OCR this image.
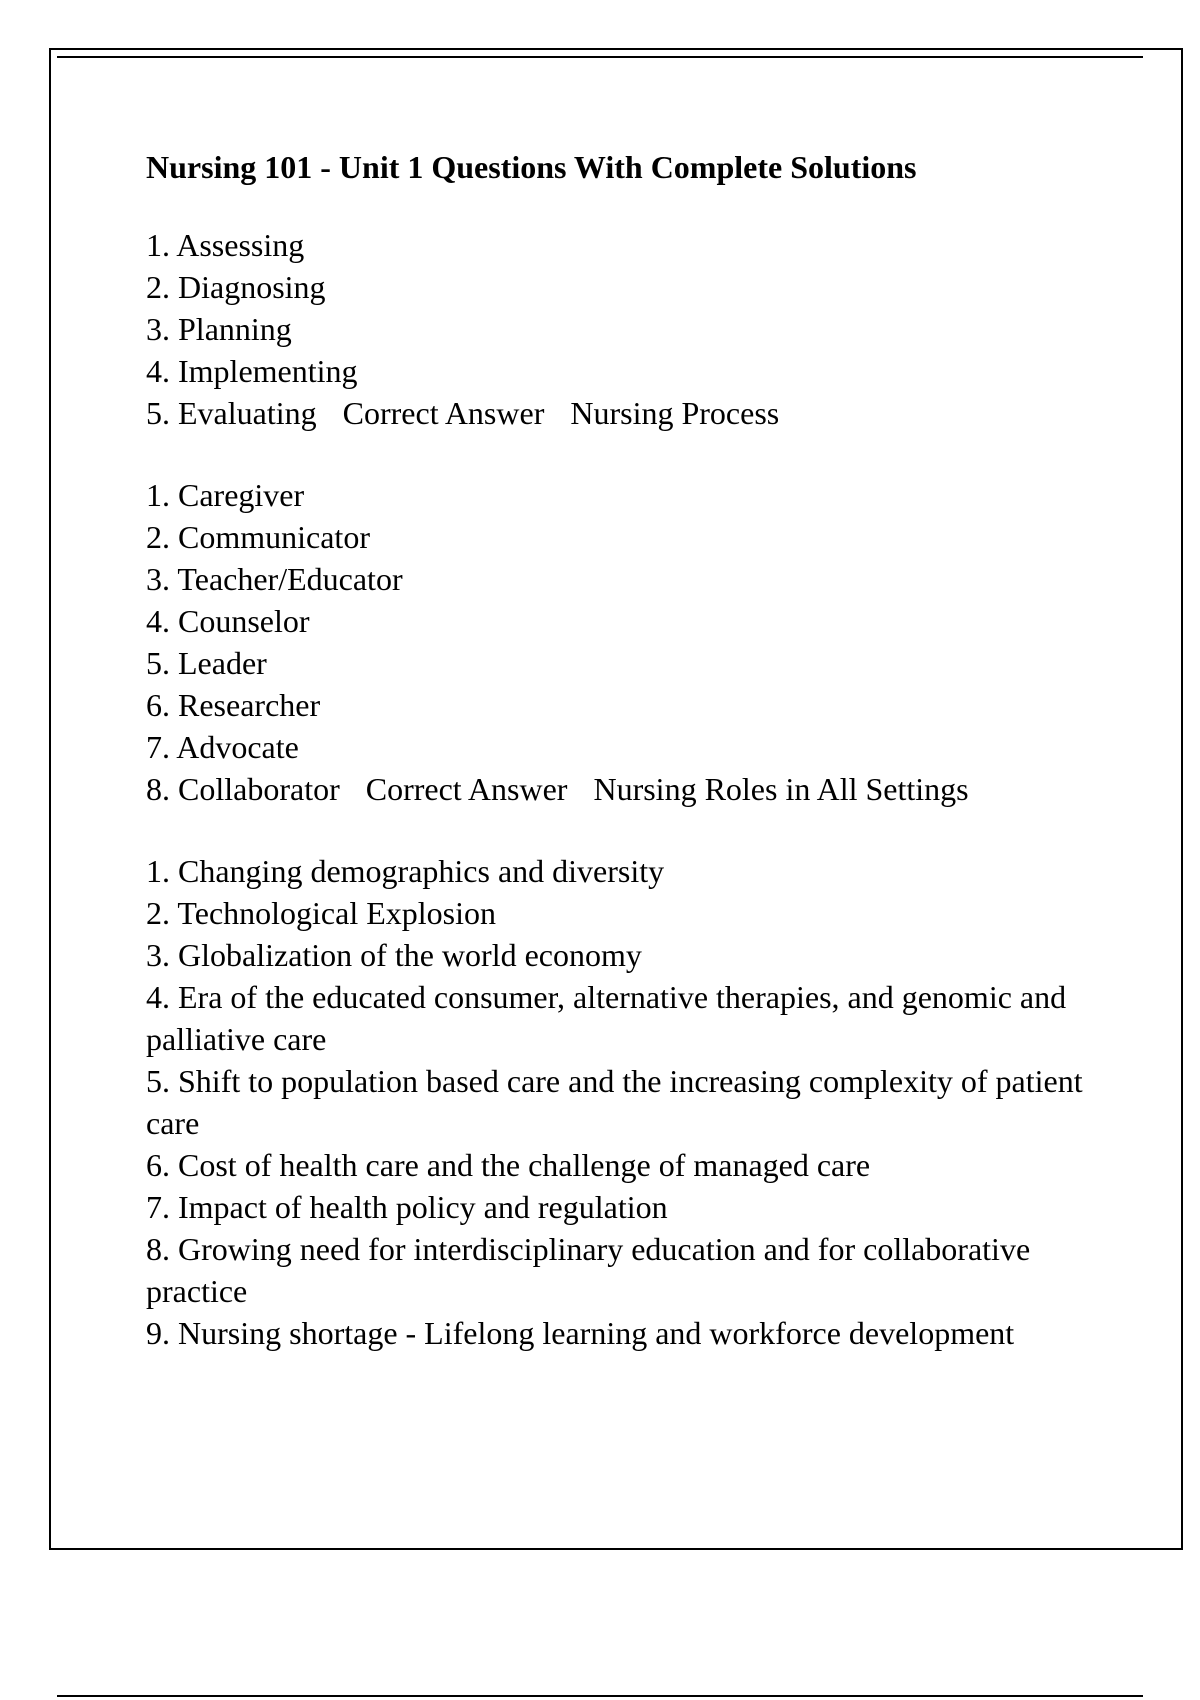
Nursing 101 - Unit 1 Questions With Complete Solutions
1. Assessing
2. Diagnosing
3. Planning
4. Implementing
5. Evaluating Correct Answer Nursing Process
1. Caregiver
2. Communicator
3. Teacher/Educator
4. Counselor
5. Leader
6. Researcher
7. Advocate
8. Collaborator Correct Answer Nursing Roles in All Settings
1. Changing demographics and diversity
2. Technological Explosion
3. Globalization of the world economy
4. Era of the educated consumer, alternative therapies, and genomic and palliative care
5. Shift to population based care and the increasing complexity of patient care
6. Cost of health care and the challenge of managed care
7. Impact of health policy and regulation
8. Growing need for interdisciplinary education and for collaborative practice
9. Nursing shortage - Lifelong learning and workforce development
